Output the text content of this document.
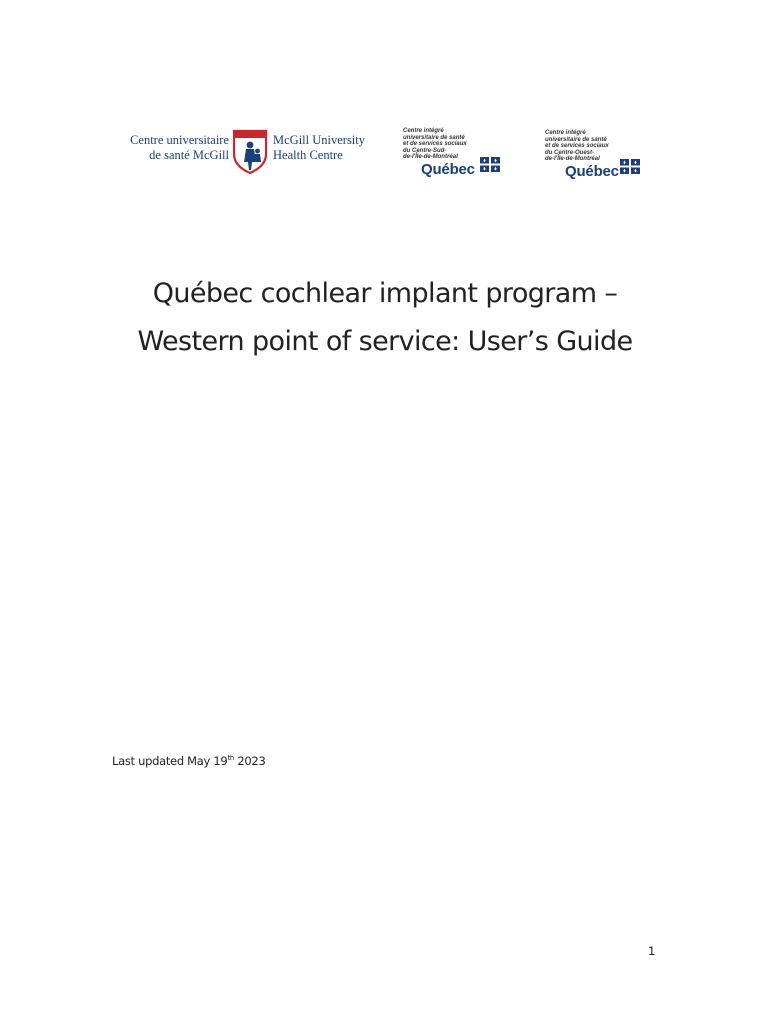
Centre universitaire
de santé McGill
McGill University
Health Centre
Centre intégré
universitaire de santé
et de services sociaux
du Centre-Sud-
de-l'Île-de-Montréal
Québec
Centre intégré
universitaire de santé
et de services sociaux
du Centre-Ouest-
de-l'Île-de-Montréal
Québec
Québec cochlear implant program –
Western point of service: User’s Guide
Last updated May 19th 2023
1
